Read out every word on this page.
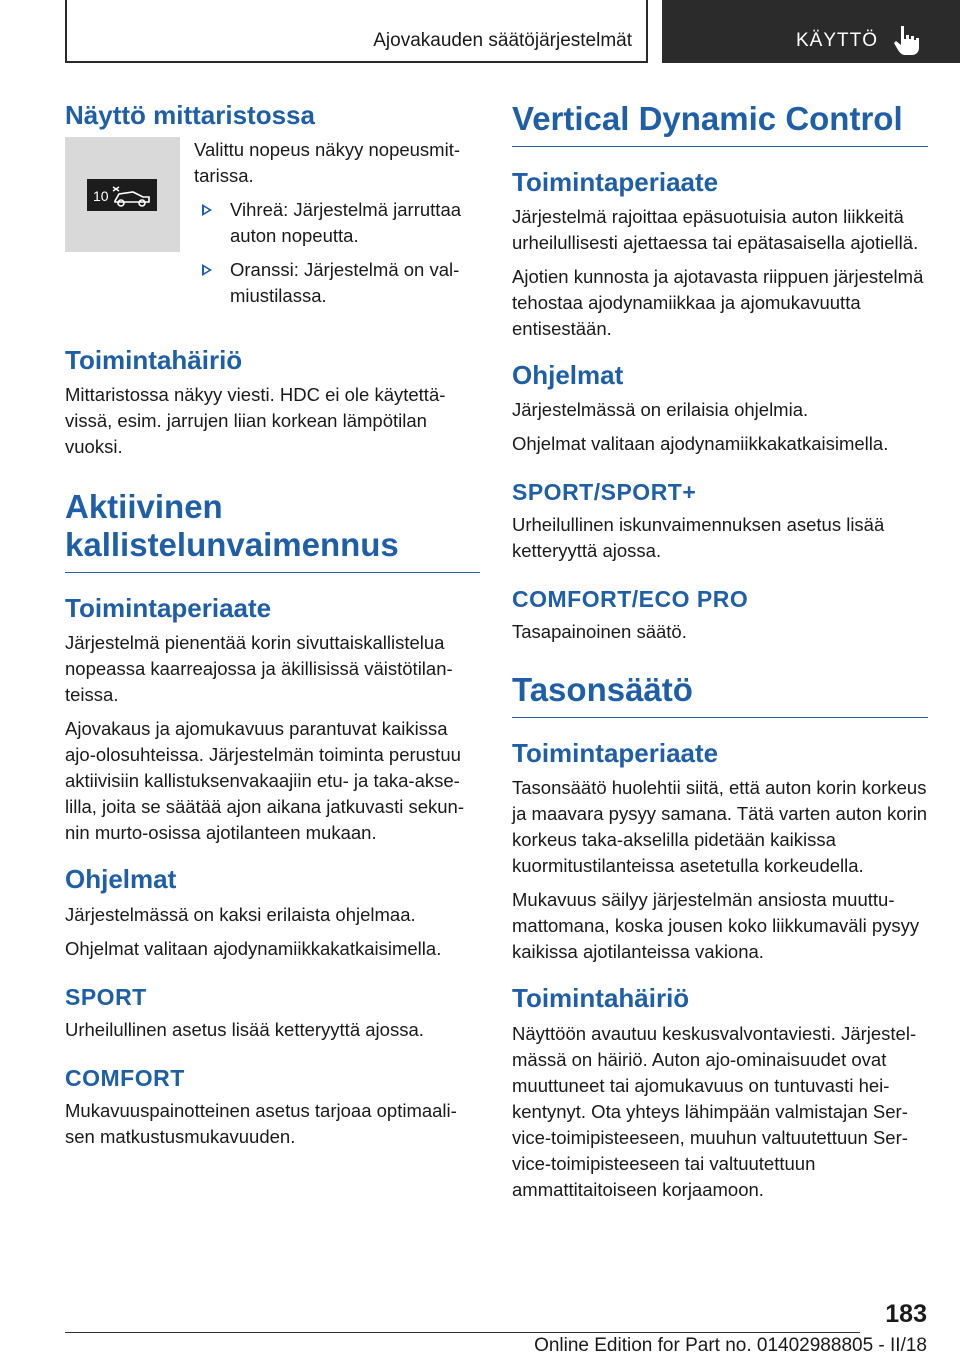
Ajovakauden säätöjärjestelmät	KÄYTTÖ
Näyttö mittaristossa
10

Valittu nopeus näkyy nopeusmittarissa.

Vihreä: Järjestelmä jarruttaa auton nopeutta.
Oranssi: Järjestelmä on valmiustilassa.
Toimintahäiriö

Mittaristossa näkyy viesti. HDC ei ole käytettävissä, esim. jarrujen liian korkean lämpötilan vuoksi.

Aktiivinen kallistelunvaimennus
Toimintaperiaate

Järjestelmä pienentää korin sivuttaiskallistelua nopeassa kaarreajossa ja äkillisissä väistötilanteissa.

Ajovakaus ja ajomukavuus parantuvat kaikissa ajo-olosuhteissa. Järjestelmän toiminta perustuu aktiivisiin kallistuksenvakaajiin etu- ja taka-akselilla, joita se säätää ajon aikana jatkuvasti sekunnin murto-osissa ajotilanteen mukaan.

Ohjelmat

Järjestelmässä on kaksi erilaista ohjelmaa.

Ohjelmat valitaan ajodynamiikkakatkaisimella.

SPORT

Urheilullinen asetus lisää ketteryyttä ajossa.

COMFORT

Mukavuuspainotteinen asetus tarjoaa optimaalisen matkustusmukavuuden.

Vertical Dynamic Control
Toimintaperiaate

Järjestelmä rajoittaa epäsuotuisia auton liikkeitä urheilullisesti ajettaessa tai epätasaisella ajotiellä.

Ajotien kunnosta ja ajotavasta riippuen järjestelmä tehostaa ajodynamiikkaa ja ajomukavuutta entisestään.

Ohjelmat

Järjestelmässä on erilaisia ohjelmia.

Ohjelmat valitaan ajodynamiikkakatkaisimella.

SPORT/SPORT+

Urheilullinen iskunvaimennuksen asetus lisää ketteryyttä ajossa.

COMFORT/ECO PRO

Tasapainoinen säätö.

Tasonsäätö
Toimintaperiaate

Tasonsäätö huolehtii siitä, että auton korin korkeus ja maavara pysyy samana. Tätä varten auton korin korkeus taka-akselilla pidetään kaikissa kuormitustilanteissa asetetulla korkeudella.

Mukavuus säilyy järjestelmän ansiosta muuttumattomana, koska jousen koko liikkumaväli pysyy kaikissa ajotilanteissa vakiona.

Toimintahäiriö

Näyttöön avautuu keskusvalvontaviesti. Järjestelmässä on häiriö. Auton ajo-ominaisuudet ovat muuttuneet tai ajomukavuus on tuntuvasti heikentynyt. Ota yhteys lähimpään valmistajan Service-toimipisteeseen, muuhun valtuutettuun Service-toimipisteeseen tai valtuutettuun ammattitaitoiseen korjaamoon.

183
Online Edition for Part no. 01402988805 - II/18
